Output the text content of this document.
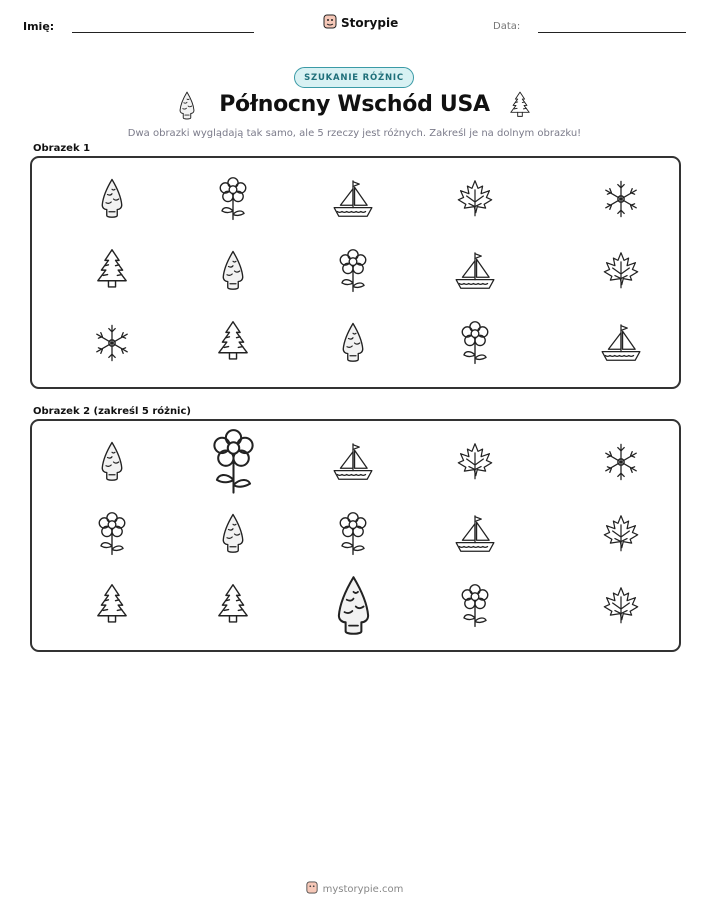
Imię:	Storypie	Data:
SZUKANIE RÓŻNIC
Północny Wschód USA
Dwa obrazki wyglądają tak samo, ale 5 rzeczy jest różnych. Zakreśl je na dolnym obrazku!
Obrazek 1
Obrazek 2 (zakreśl 5 różnic)
mystorypie.com
